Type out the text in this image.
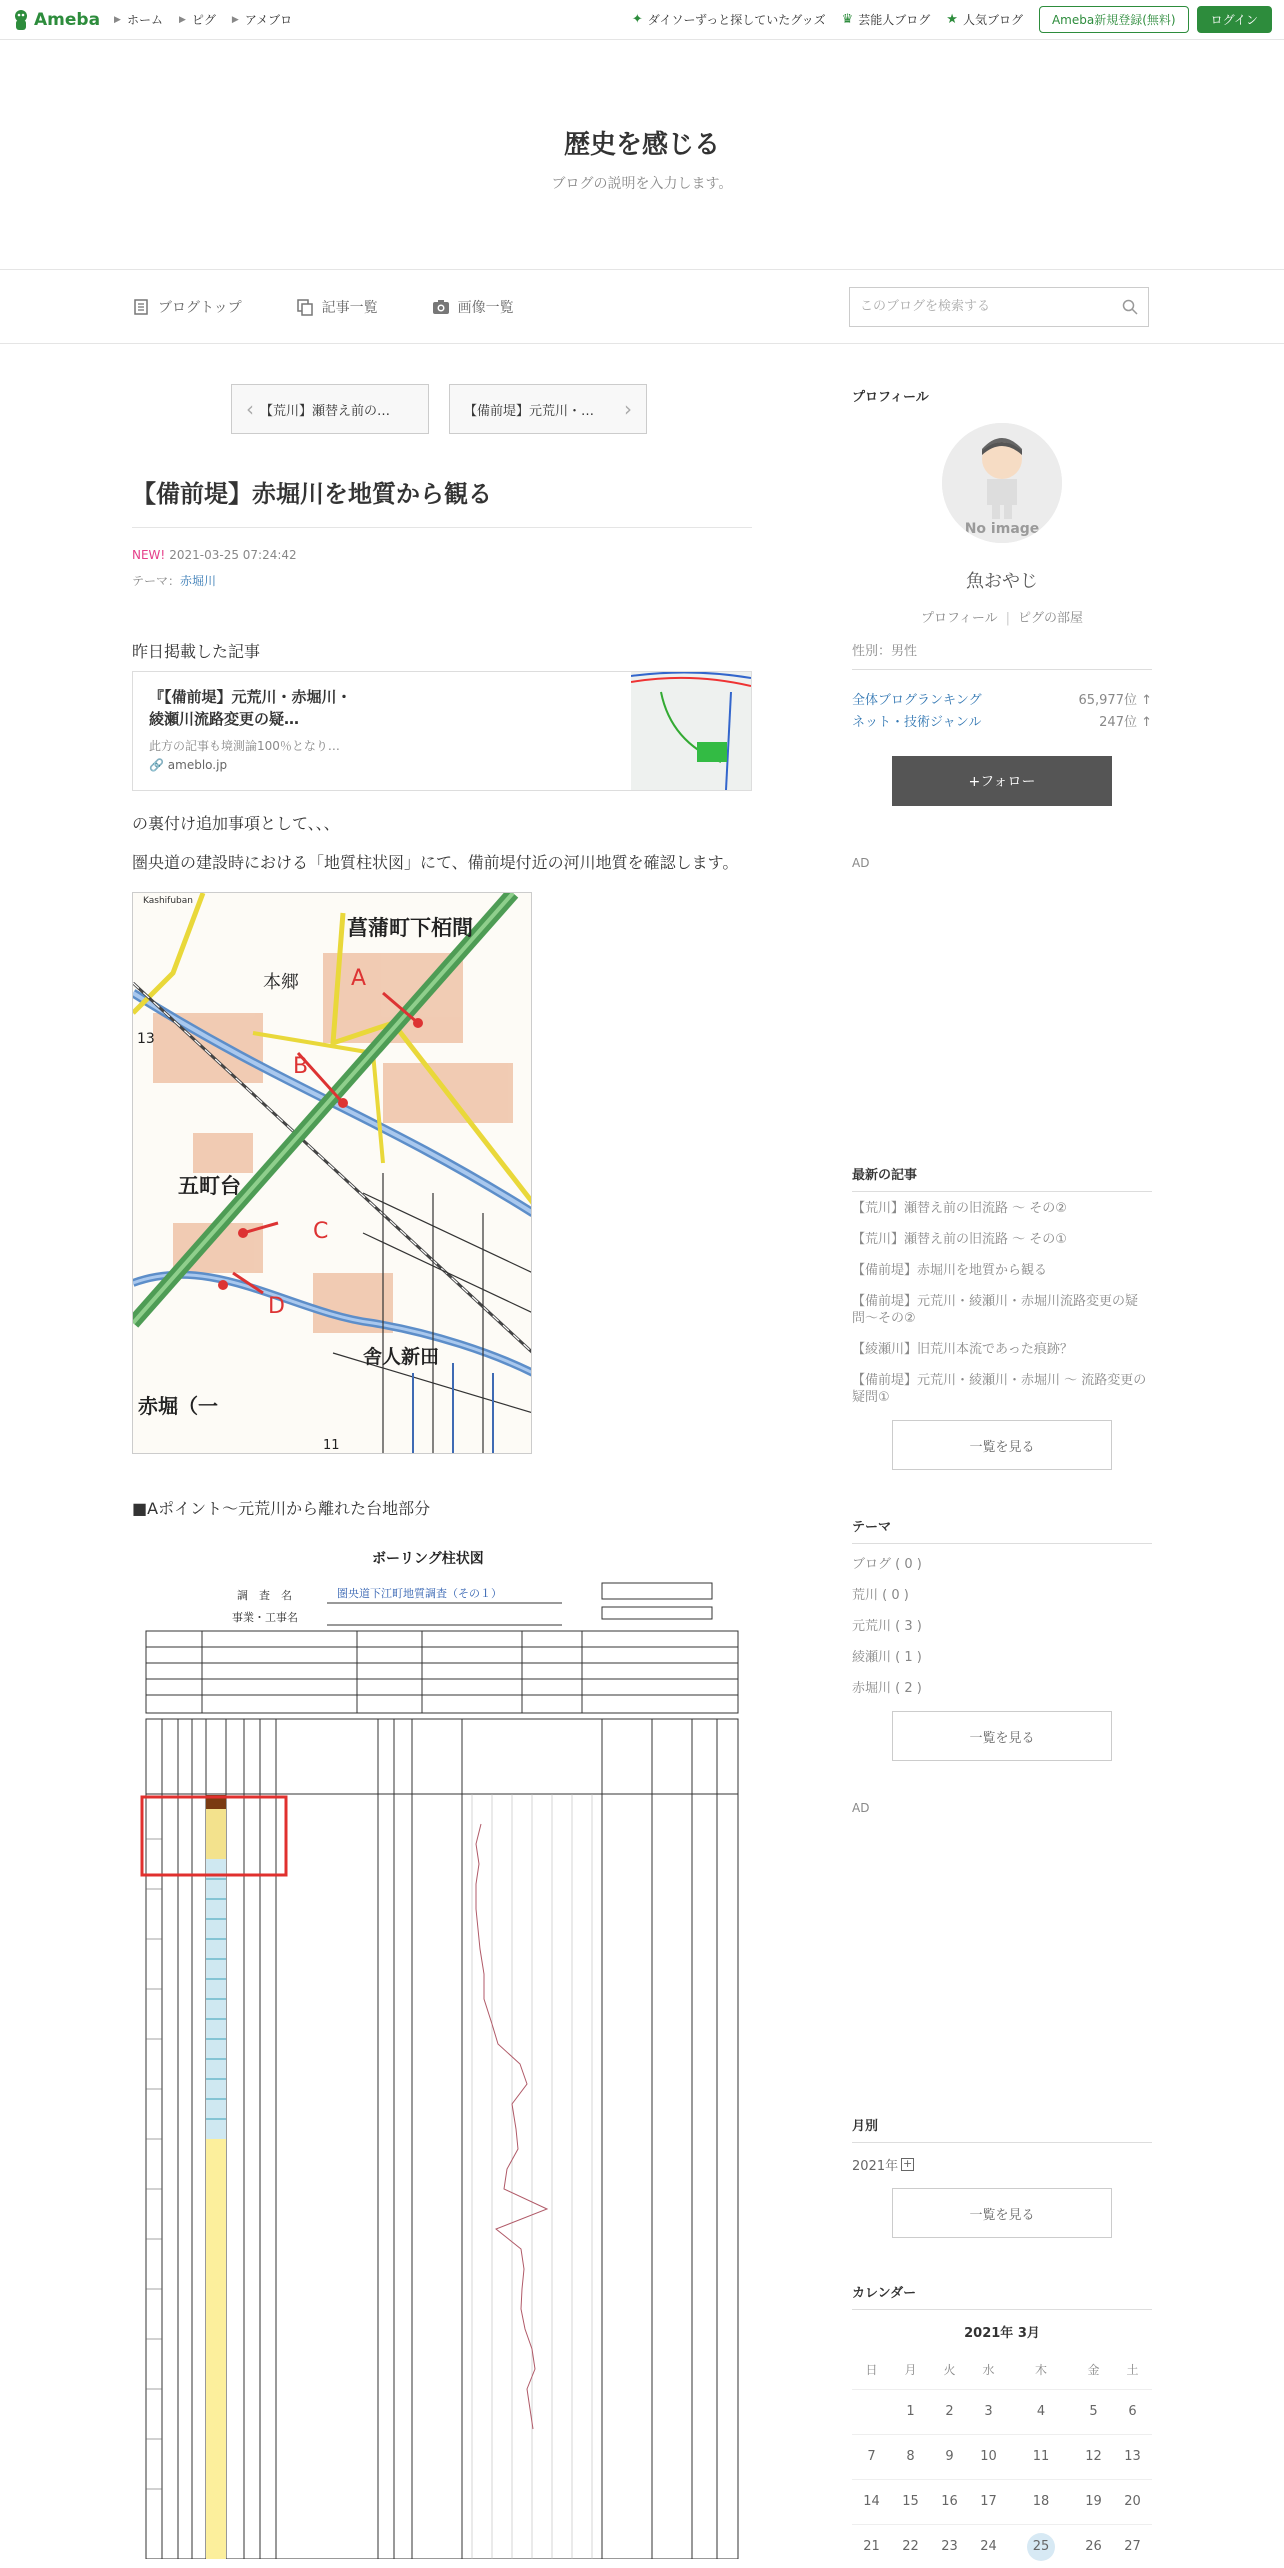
Ameba ▶ ホーム ▶ ピグ ▶ アメブロ	✦ ダイソーずっと探していたグッズ ♛ 芸能人ブログ ★ 人気ブログ	Ameba新規登録(無料)	ログイン
歴史を感じる
ブログの説明を入力します。
ブログトップ	記事一覧	画像一覧
このブログを検索する
‹ 【荒川】瀬替え前の…	【備前堤】元荒川・… ›
【備前堤】赤堀川を地質から観る
NEW! 2021-03-25 07:24:42
テーマ：赤堀川

昨日掲載した記事

『【備前堤】元荒川・赤堀川・綾瀬川流路変更の疑…
此方の記事も境測論100％となり…
🔗 ameblo.jp

の裏付け追加事項として、、、

圏央道の建設時における「地質柱状図」にて、備前堤付近の河川地質を確認します。

菖蒲町下栢間
本郷
五町台
舎人新田
赤堀（一
A
B
C
D
13
11
Kashifuban

■Aポイント〜元荒川から離れた台地部分

ボーリング柱状図
調　査　名	圏央道下江町地質調査（その１）
事業・工事名
プロフィール
No image
魚おやじ
プロフィール | ピグの部屋
性別：男性
全体ブログランキング	65,977位 ↑
ネット・技術ジャンル	247位 ↑
+フォロー
AD
最新の記事
【荒川】瀬替え前の旧流路 〜 その②
【荒川】瀬替え前の旧流路 〜 その①
【備前堤】赤堀川を地質から観る
【備前堤】元荒川・綾瀬川・赤堀川流路変更の疑問〜その②
【綾瀬川】旧荒川本流であった痕跡？
【備前堤】元荒川・綾瀬川・赤堀川 〜 流路変更の疑問①
一覧を見る
テーマ
ブログ ( 0 )
荒川 ( 0 )
元荒川 ( 3 )
綾瀬川 ( 1 )
赤堀川 ( 2 )
一覧を見る
AD
月別
2021年 +
一覧を見る
カレンダー
2021年 3月
日	月	火	水	木	金	土
	1	2	3	4	5	6
7	8	9	10	11	12	13
14	15	16	17	18	19	20
21	22	23	24	25	26	27
